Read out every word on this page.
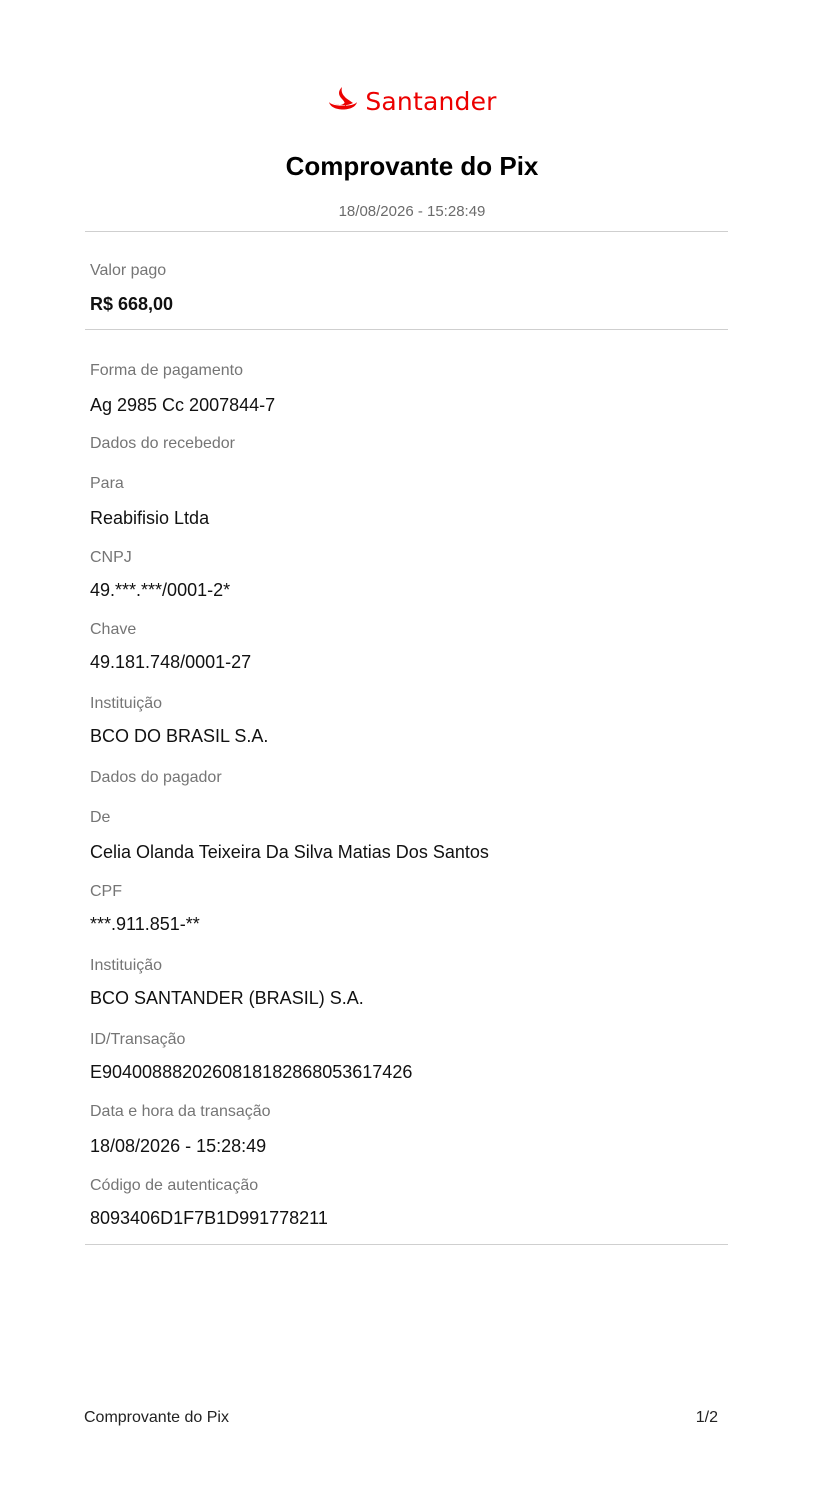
Santander
Comprovante do Pix
18/08/2026 - 15:28:49
Valor pago
R$ 668,00
Forma de pagamento
Ag 2985 Cc 2007844-7
Dados do recebedor
Para
Reabifisio Ltda
CNPJ
49.***.***/0001-2*
Chave
49.181.748/0001-27
Instituição
BCO DO BRASIL S.A.
Dados do pagador
De
Celia Olanda Teixeira Da Silva Matias Dos Santos
CPF
***.911.851-**
Instituição
BCO SANTANDER (BRASIL) S.A.
ID/Transação
E90400888202608181828680536174​26
Data e hora da transação
18/08/2026 - 15:28:49
Código de autenticação
8093406D1F7B1D991778211
Comprovante do Pix	1/2
